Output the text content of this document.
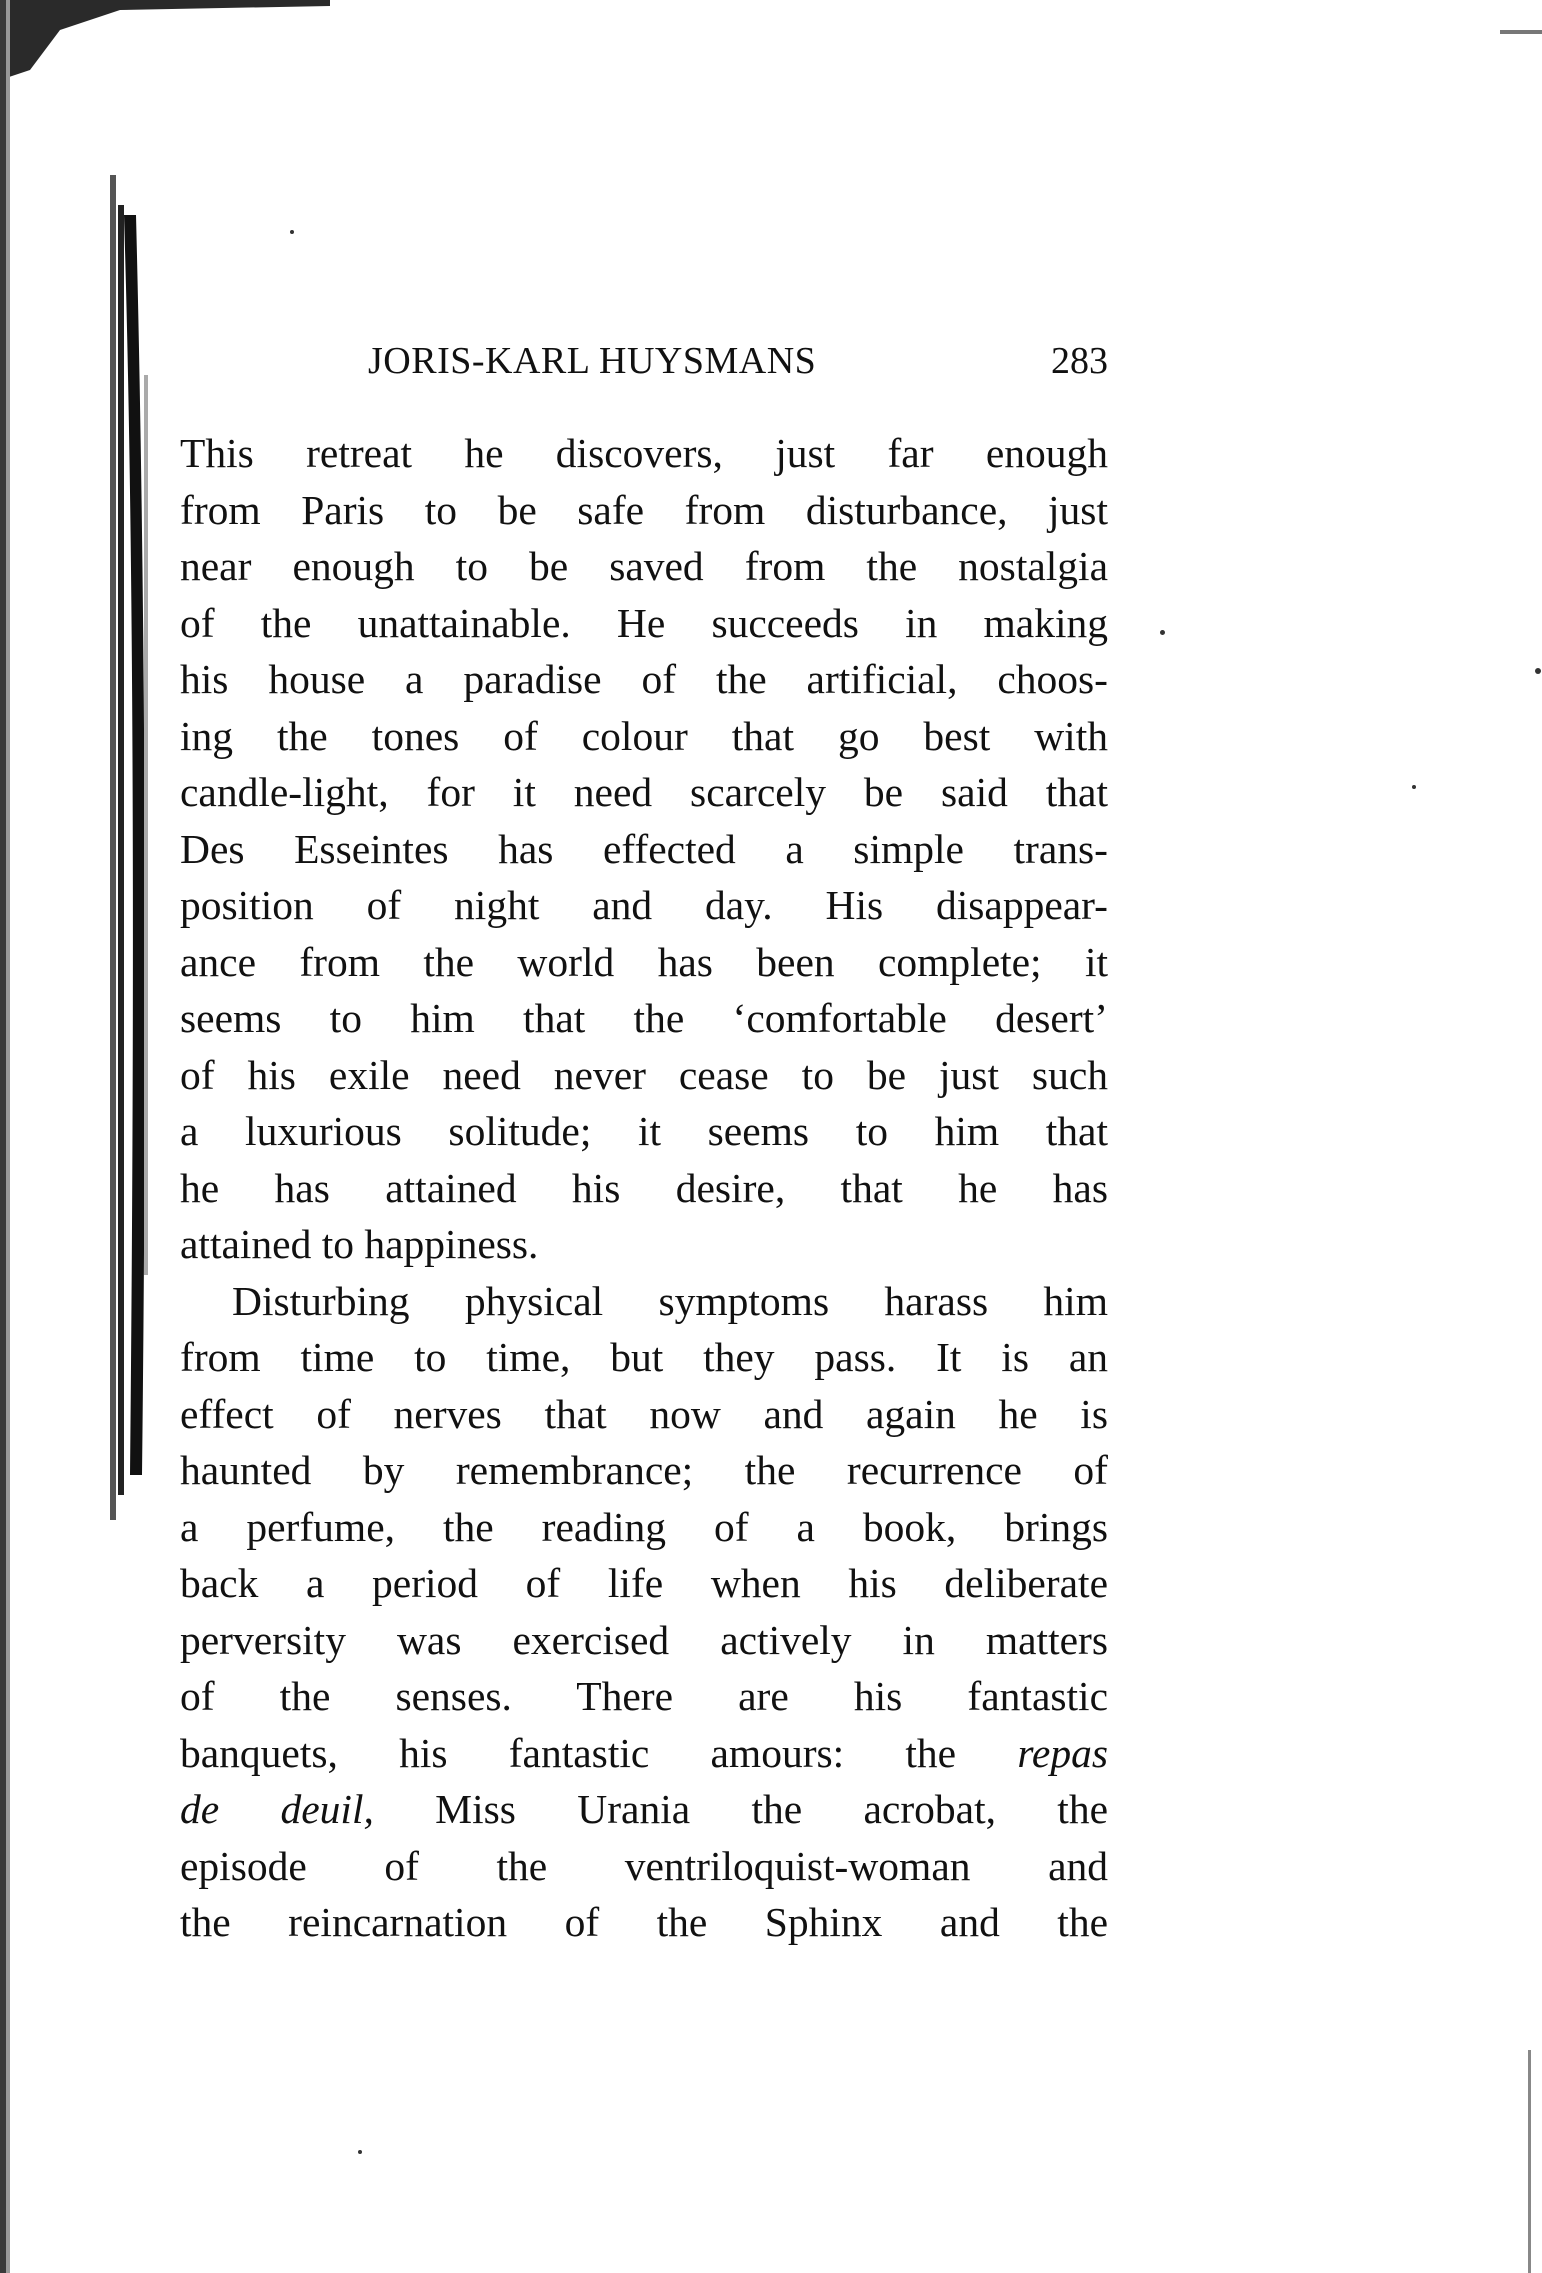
JORIS-KARL HUYSMANS	283
This retreat he discovers, just far enough
from Paris to be safe from disturbance, just
near enough to be saved from the nostalgia
of the unattainable. He succeeds in making
his house a paradise of the artificial, choos-
ing the tones of colour that go best with
candle-light, for it need scarcely be said that
Des Esseintes has effected a simple trans-
position of night and day. His disappear-
ance from the world has been complete; it
seems to him that the ‘comfortable desert’
of his exile need never cease to be just such
a luxurious solitude; it seems to him that
he has attained his desire, that he has
attained to happiness.
Disturbing physical symptoms harass him
from time to time, but they pass. It is an
effect of nerves that now and again he is
haunted by remembrance; the recurrence of
a perfume, the reading of a book, brings
back a period of life when his deliberate
perversity was exercised actively in matters
of the senses. There are his fantastic
banquets, his fantastic amours: the repas
de deuil, Miss Urania the acrobat, the
episode of the ventriloquist-woman and
the reincarnation of the Sphinx and the
